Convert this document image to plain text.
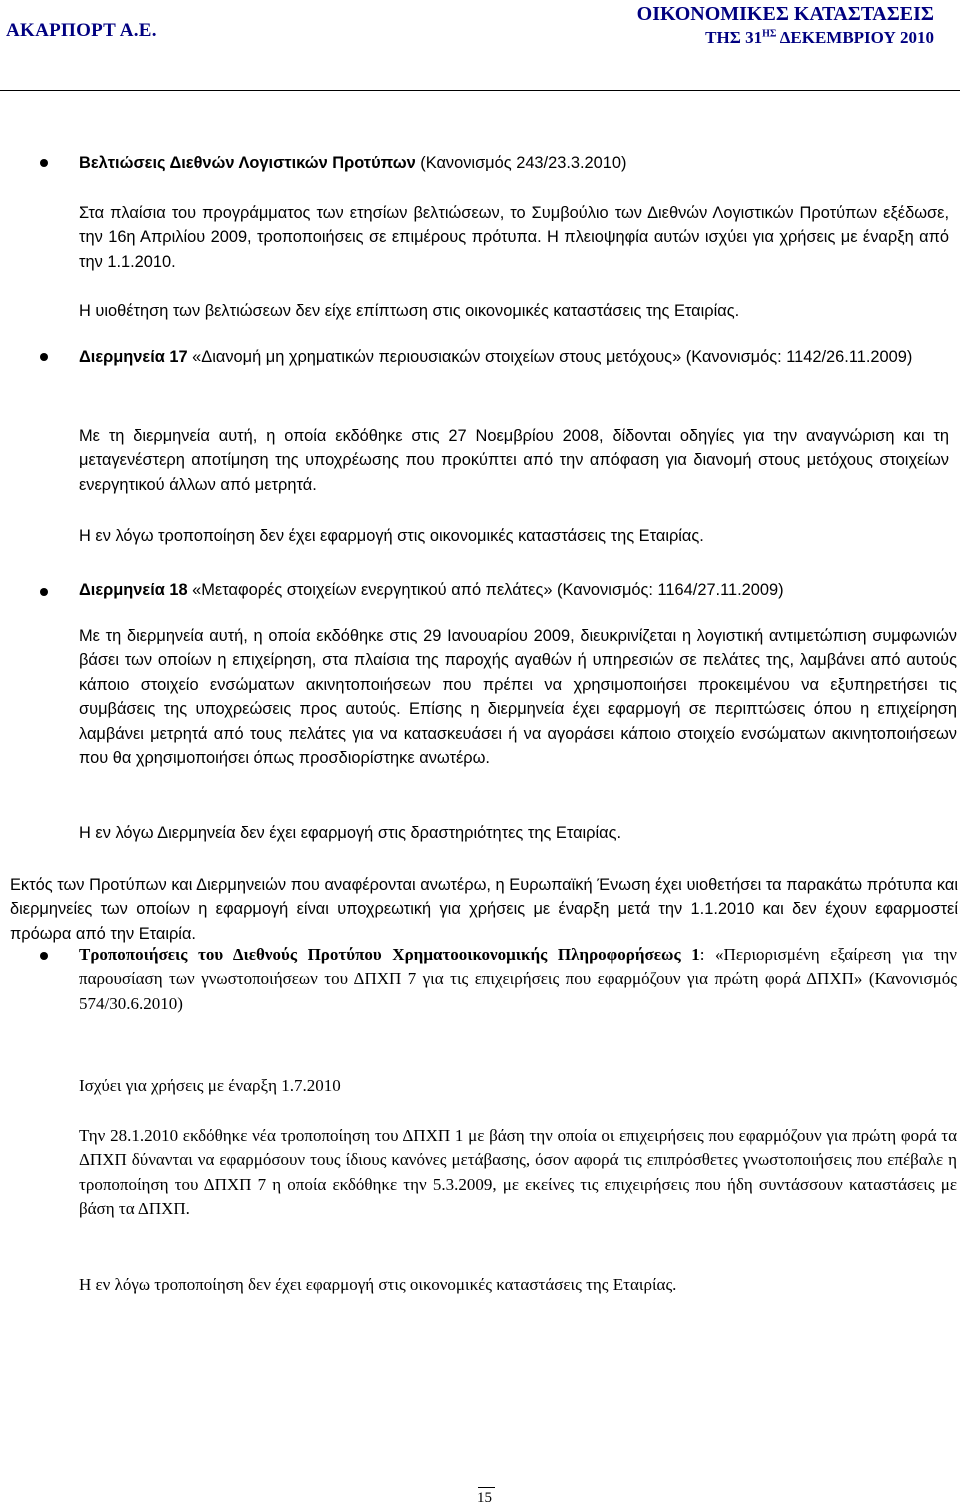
ΑΚΑΡΠΟΡΤ Α.Ε.
ΟΙΚΟΝΟΜΙΚΕΣ ΚΑΤΑΣΤΑΣΕΙΣ
ΤΗΣ $31^{H\Sigma}$ ΔΕΚΕΜΒΡΙΟΥ 2010

Βελτιώσεις Διεθνών Λογιστικών Προτύπων (Κανονισμός 243/23.3.2010)

Στα πλαίσια του προγράμματος των ετησίων βελτιώσεων, το Συμβούλιο των Διεθνών Λογιστικών Προτύπων εξέδωσε, την 16η Απριλίου 2009, τροποποιήσεις σε επιμέρους πρότυπα. Η πλειοψηφία αυτών ισχύει για χρήσεις με έναρξη από την 1.1.2010.

Η υιοθέτηση των βελτιώσεων δεν είχε επίπτωση στις οικονομικές καταστάσεις της Εταιρίας.

Διερμηνεία 17 «Διανομή μη χρηματικών περιουσιακών στοιχείων στους μετόχους» (Κανονισμός: 1142/26.11.2009)

Με τη διερμηνεία αυτή, η οποία εκδόθηκε στις 27 Νοεμβρίου 2008, δίδονται οδηγίες για την αναγνώριση και τη μεταγενέστερη αποτίμηση της υποχρέωσης που προκύπτει από την απόφαση για διανομή στους μετόχους στοιχείων ενεργητικού άλλων από μετρητά.

Η εν λόγω τροποποίηση δεν έχει εφαρμογή στις οικονομικές καταστάσεις της Εταιρίας.

Διερμηνεία 18 «Μεταφορές στοιχείων ενεργητικού από πελάτες» (Κανονισμός: 1164/27.11.2009)

Με τη διερμηνεία αυτή, η οποία εκδόθηκε στις 29 Ιανουαρίου 2009, διευκρινίζεται η λογιστική αντιμετώπιση συμφωνιών βάσει των οποίων η επιχείρηση, στα πλαίσια της παροχής αγαθών ή υπηρεσιών σε πελάτες της, λαμβάνει από αυτούς κάποιο στοιχείο ενσώματων ακινητοποιήσεων που πρέπει να χρησιμοποιήσει προκειμένου να εξυπηρετήσει τις συμβάσεις της υποχρεώσεις προς αυτούς. Επίσης η διερμηνεία έχει εφαρμογή σε περιπτώσεις όπου η επιχείρηση λαμβάνει μετρητά από τους πελάτες για να κατασκευάσει ή να αγοράσει κάποιο στοιχείο ενσώματων ακινητοποιήσεων που θα χρησιμοποιήσει όπως προσδιορίστηκε ανωτέρω.

Η εν λόγω Διερμηνεία δεν έχει εφαρμογή στις δραστηριότητες της Εταιρίας.

Εκτός των Προτύπων και Διερμηνειών που αναφέρονται ανωτέρω, η Ευρωπαϊκή Ένωση έχει υιοθετήσει τα παρακάτω πρότυπα και διερμηνείες των οποίων η εφαρμογή είναι υποχρεωτική για χρήσεις με έναρξη μετά την 1.1.2010 και δεν έχουν εφαρμοστεί πρόωρα από την Εταιρία.

Τροποποιήσεις του Διεθνούς Προτύπου Χρηματοοικονομικής Πληροφορήσεως 1: «Περιορισμένη εξαίρεση για την παρουσίαση των γνωστοποιήσεων του ΔΠΧΠ 7 για τις επιχειρήσεις που εφαρμόζουν για πρώτη φορά ΔΠΧΠ» (Κανονισμός 574/30.6.2010)

Ισχύει για χρήσεις με έναρξη 1.7.2010

Την 28.1.2010 εκδόθηκε νέα τροποποίηση του ΔΠΧΠ 1 με βάση την οποία οι επιχειρήσεις που εφαρμόζουν για πρώτη φορά τα ΔΠΧΠ δύνανται να εφαρμόσουν τους ίδιους κανόνες μετάβασης, όσον αφορά τις επιπρόσθετες γνωστοποιήσεις που επέβαλε η τροποποίηση του ΔΠΧΠ 7 η οποία εκδόθηκε την 5.3.2009, με εκείνες τις επιχειρήσεις που ήδη συντάσσουν καταστάσεις με βάση τα ΔΠΧΠ.

Η εν λόγω τροποποίηση δεν έχει εφαρμογή στις οικονομικές καταστάσεις της Εταιρίας.

15
